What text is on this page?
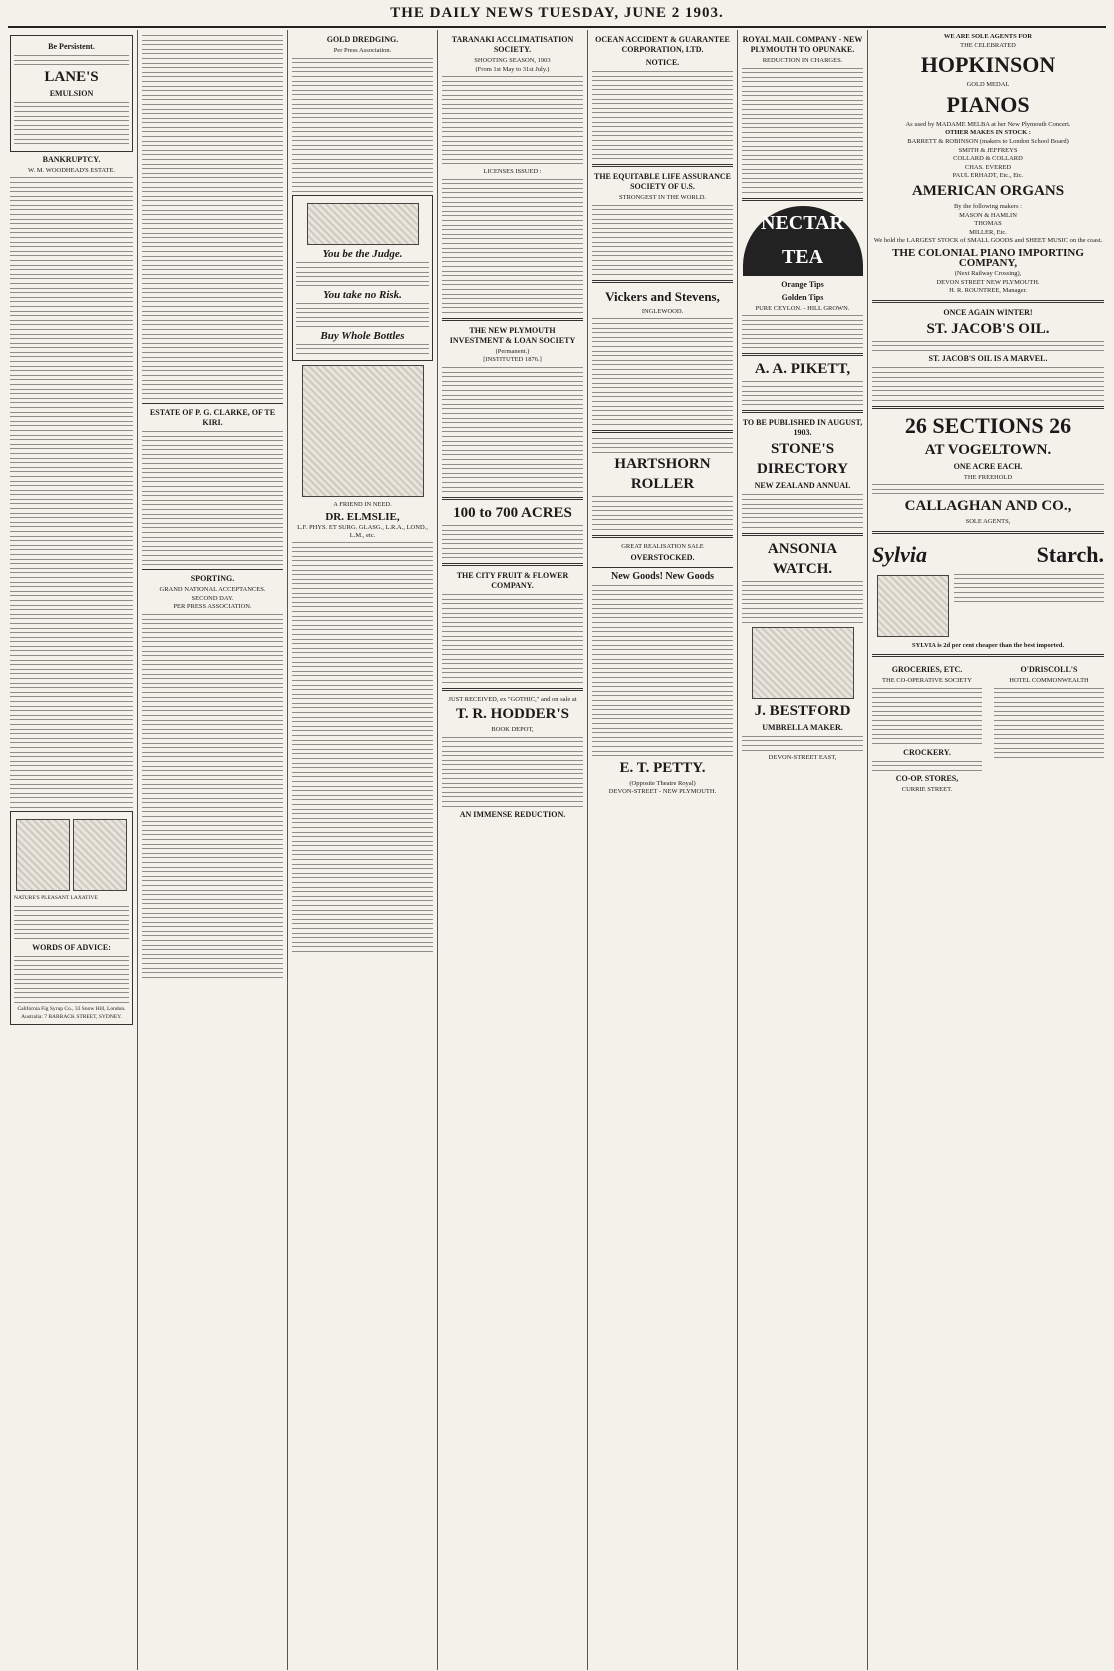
THE DAILY NEWS TUESDAY, JUNE 2 1903.
Be Persistent.
LANE'S
EMULSION
BANKRUPTCY.
W. M. WOODHEAD'S ESTATE.
NATURE'S PLEASANT LAXATIVE
WORDS OF ADVICE:
California Fig Syrup Co., 33 Snow Hill, London. Australia: 7 BARRACK STREET, SYDNEY.
ESTATE OF P. G. CLARKE, OF TE KIRI.
SPORTING.
GRAND NATIONAL ACCEPTANCES.
SECOND DAY.
PER PRESS ASSOCIATION.
GOLD DREDGING.
Per Press Association.
You be the Judge.
You take no Risk.
Buy Whole Bottles
A FRIEND IN NEED.
DR. ELMSLIE,
L.F. PHYS. ET SURG. GLASG., L.R.A., LOND., L.M., etc.
TARANAKI ACCLIMATISATION SOCIETY.
SHOOTING SEASON, 1903
(From 1st May to 31st July.)
LICENSES ISSUED :
THE NEW PLYMOUTH INVESTMENT & LOAN SOCIETY
(Permanent.)
[INSTITUTED 1876.]
100 to 700 ACRES
THE CITY FRUIT & FLOWER COMPANY.
JUST RECEIVED, ex "GOTHIC," and on sale at
T. R. HODDER'S
BOOK DEPOT,
AN IMMENSE REDUCTION.
OCEAN ACCIDENT & GUARANTEE CORPORATION, LTD.
NOTICE.
THE EQUITABLE LIFE ASSURANCE SOCIETY OF U.S.
STRONGEST IN THE WORLD.
Vickers and Stevens,
INGLEWOOD.
HARTSHORN
ROLLER
GREAT REALISATION SALE
OVERSTOCKED.
New Goods! New Goods
E. T. PETTY.
(Opposite Theatre Royal)
DEVON-STREET - NEW PLYMOUTH.
ROYAL MAIL COMPANY - NEW PLYMOUTH TO OPUNAKE.
REDUCTION IN CHARGES.
NECTAR
TEA
Orange Tips
Golden Tips
PURE CEYLON. - HILL GROWN.
A. A. PIKETT,
TO BE PUBLISHED IN AUGUST, 1903.
STONE'S
DIRECTORY
NEW ZEALAND ANNUAL
ANSONIA
WATCH.
J. BESTFORD
UMBRELLA MAKER.
DEVON-STREET EAST,
WE ARE SOLE AGENTS FOR
THE CELEBRATED
HOPKINSON
GOLD MEDAL
PIANOS
As used by MADAME MELBA at her New Plymouth Concert.
OTHER MAKES IN STOCK :
BARRETT & ROBINSON (makers to London School Board)
SMITH & JEFFREYS
COLLARD & COLLARD
CHAS. EVERED
PAUL ERHADT, Etc., Etc.
AMERICAN ORGANS
By the following makers :
MASON & HAMLIN
THOMAS
MILLER, Etc.
We hold the LARGEST STOCK of SMALL GOODS and SHEET MUSIC on the coast.
THE COLONIAL PIANO IMPORTING COMPANY,
(Next Railway Crossing),
DEVON STREET NEW PLYMOUTH.
H. R. ROUNTREE, Manager.
ONCE AGAIN WINTER!
ST. JACOB'S OIL.
ST. JACOB'S OIL IS A MARVEL.
26 SECTIONS 26
AT VOGELTOWN.
ONE ACRE EACH.
THE FREEHOLD
CALLAGHAN AND CO.,
SOLE AGENTS,
Sylvia	Starch.
SYLVIA is 2d per cent cheaper than the best imported.
GROCERIES, ETC.
THE CO-OPERATIVE SOCIETY
CROCKERY.
CO-OP. STORES,
CURRIE STREET.
O'DRISCOLL'S
HOTEL COMMONWEALTH
